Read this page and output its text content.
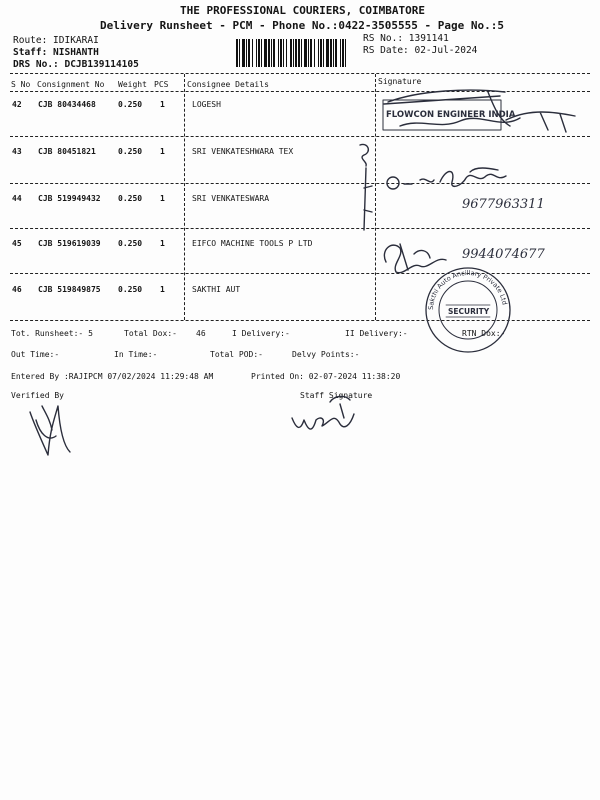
THE PROFESSIONAL COURIERS, COIMBATORE
Delivery Runsheet - PCM - Phone No.:0422-3505555 - Page No.:5
Route: IDIKARAI
Staff: NISHANTH
DRS No.: DCJB139114105
RS No.: 1391141
RS Date: 02-Jul-2024
S No Consignment No Weight PCS Consignee Details	Signature
42 CJB 80434468	0.250 1	LOGESH
43 CJB 80451821	0.250 1	SRI VENKATESHWARA TEX
44 CJB 519949432 0.250 1	SRI VENKATESWARA
45 CJB 519619039 0.250 1	EIFCO MACHINE TOOLS P LTD
46 CJB 519849875 0.250 1	SAKTHI AUT
Tot. Runsheet:- 5	Total Dox:- 46	I Delivery:-	II Delivery:-	RTN Dox:-
Out Time:-	In Time:-	Total POD:-	Delvy Points:-
Entered By :RAJIPCM 07/02/2024 11:29:48 AM	Printed On: 02-07-2024 11:38:20
Verified By	Staff Signature
FLOWCON ENGINEER INDIA
9677963311
9944074677
SECURITY
Sakthi Auto Ancillary Private Ltd
